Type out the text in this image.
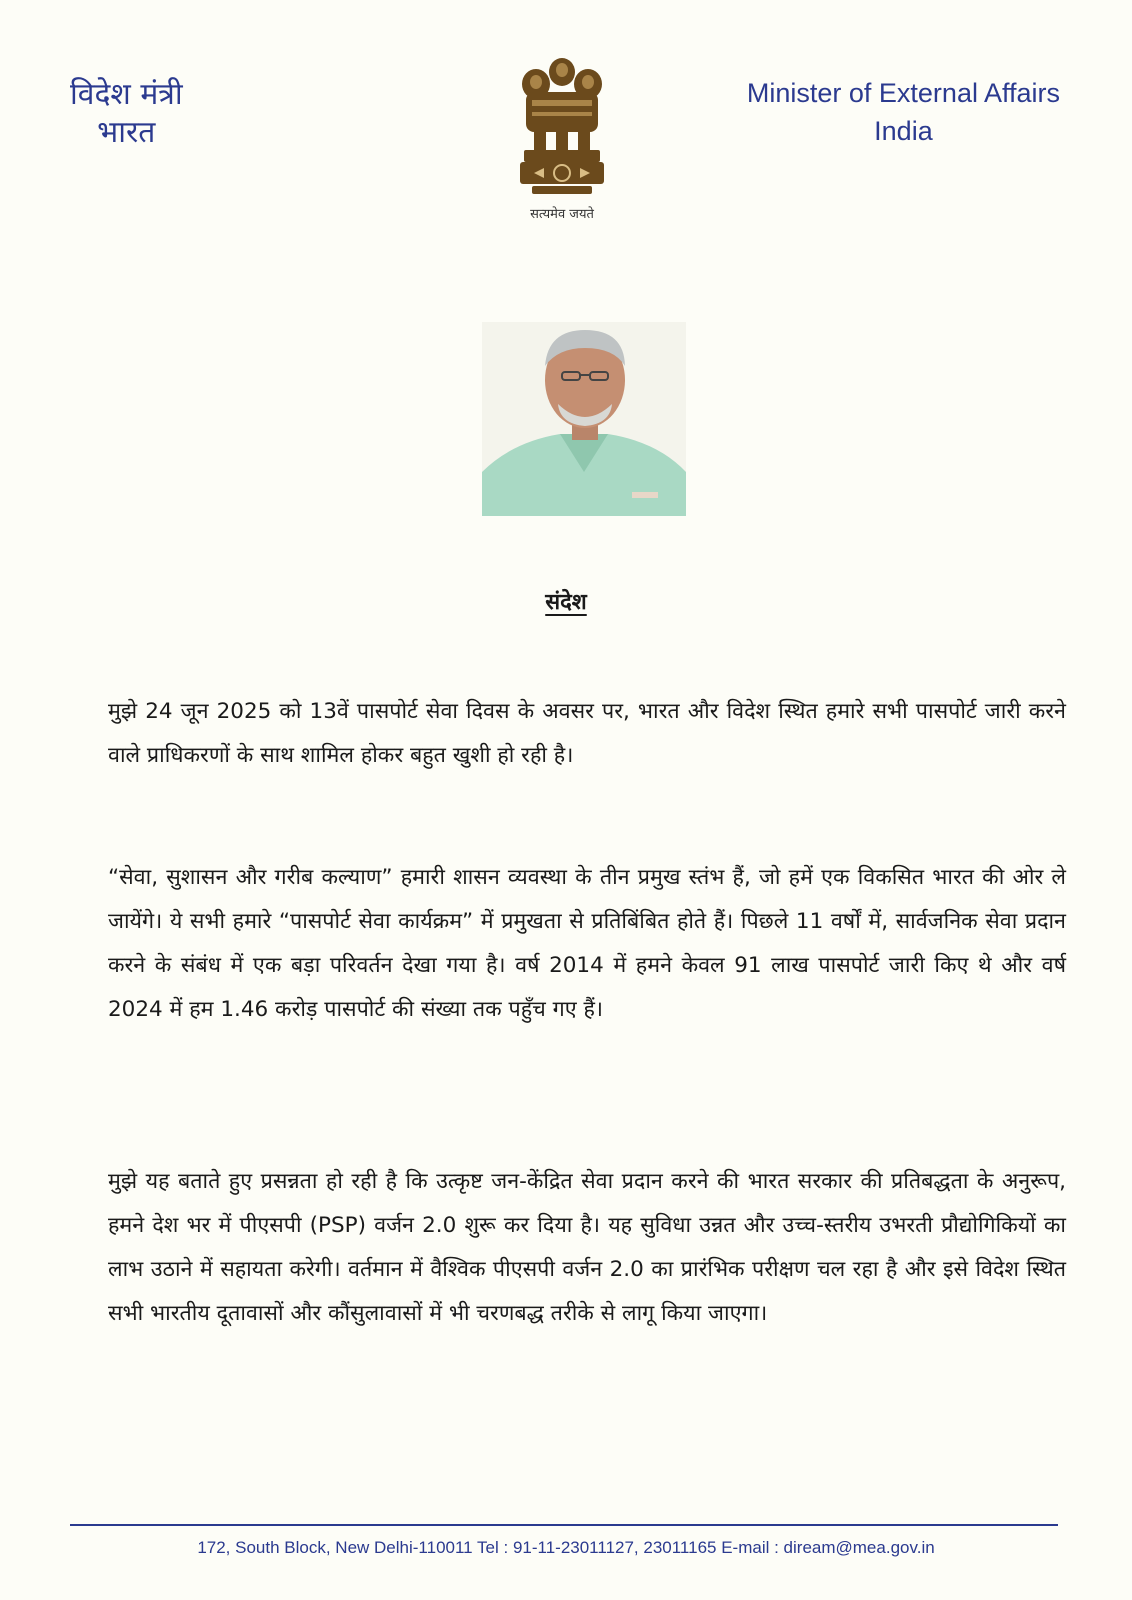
विदेश मंत्री
भारत
सत्यमेव जयते
Minister of External Affairs
India
संदेश

मुझे 24 जून 2025 को 13वें पासपोर्ट सेवा दिवस के अवसर पर, भारत और विदेश स्थित हमारे सभी पासपोर्ट जारी करने वाले प्राधिकरणों के साथ शामिल होकर बहुत खुशी हो रही है।

“सेवा, सुशासन और गरीब कल्याण” हमारी शासन व्यवस्था के तीन प्रमुख स्तंभ हैं, जो हमें एक विकसित भारत की ओर ले जायेंगे। ये सभी हमारे “पासपोर्ट सेवा कार्यक्रम” में प्रमुखता से प्रतिबिंबित होते हैं। पिछले 11 वर्षों में, सार्वजनिक सेवा प्रदान करने के संबंध में एक बड़ा परिवर्तन देखा गया है। वर्ष 2014 में हमने केवल 91 लाख पासपोर्ट जारी किए थे और वर्ष 2024 में हम 1.46 करोड़ पासपोर्ट की संख्या तक पहुँच गए हैं।

मुझे यह बताते हुए प्रसन्नता हो रही है कि उत्कृष्ट जन-केंद्रित सेवा प्रदान करने की भारत सरकार की प्रतिबद्धता के अनुरूप, हमने देश भर में पीएसपी (PSP) वर्जन 2.0 शुरू कर दिया है। यह सुविधा उन्नत और उच्च-स्तरीय उभरती प्रौद्योगिकियों का लाभ उठाने में सहायता करेगी। वर्तमान में वैश्विक पीएसपी वर्जन 2.0 का प्रारंभिक परीक्षण चल रहा है और इसे विदेश स्थित सभी भारतीय दूतावासों और कौंसुलावासों में भी चरणबद्ध तरीके से लागू किया जाएगा।

172, South Block, New Delhi-110011 Tel : 91-11-23011127, 23011165 E-mail : diream@mea.gov.in
